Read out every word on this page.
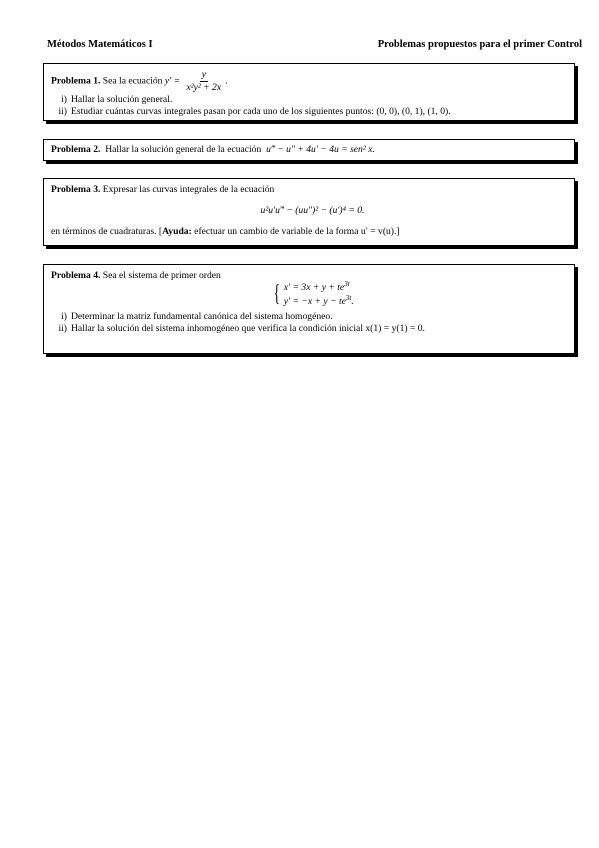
Métodos Matemáticos I	Problemas propuestos para el primer Control
Problema 1. Sea la ecuación $y' = \frac{y}{\text{x²y² + 2x}}$ .
i) Hallar la solución general.
ii) Estudiar cuántas curvas integrales pasan por cada uno de los siguientes puntos: (0, 0), (0, 1), (1, 0).
Problema 2. Hallar la solución general de la ecuación u‴ − u″ + 4u′ − 4u = sen² x.
Problema 3. Expresar las curvas integrales de la ecuación
u²u′u‴ − (uu″)² − (u′)⁴ = 0.
en términos de cuadraturas. [Ayuda: efectuar un cambio de variable de la forma u′ = v(u).]
Problema 4. Sea el sistema de primer orden
{ $x' = 3x + y + te^{3t}$
$y' = -x + y - te^{3t}$.
i) Determinar la matriz fundamental canónica del sistema homogéneo.
ii) Hallar la solución del sistema inhomogéneo que verifica la condición inicial x(1) = y(1) = 0.
